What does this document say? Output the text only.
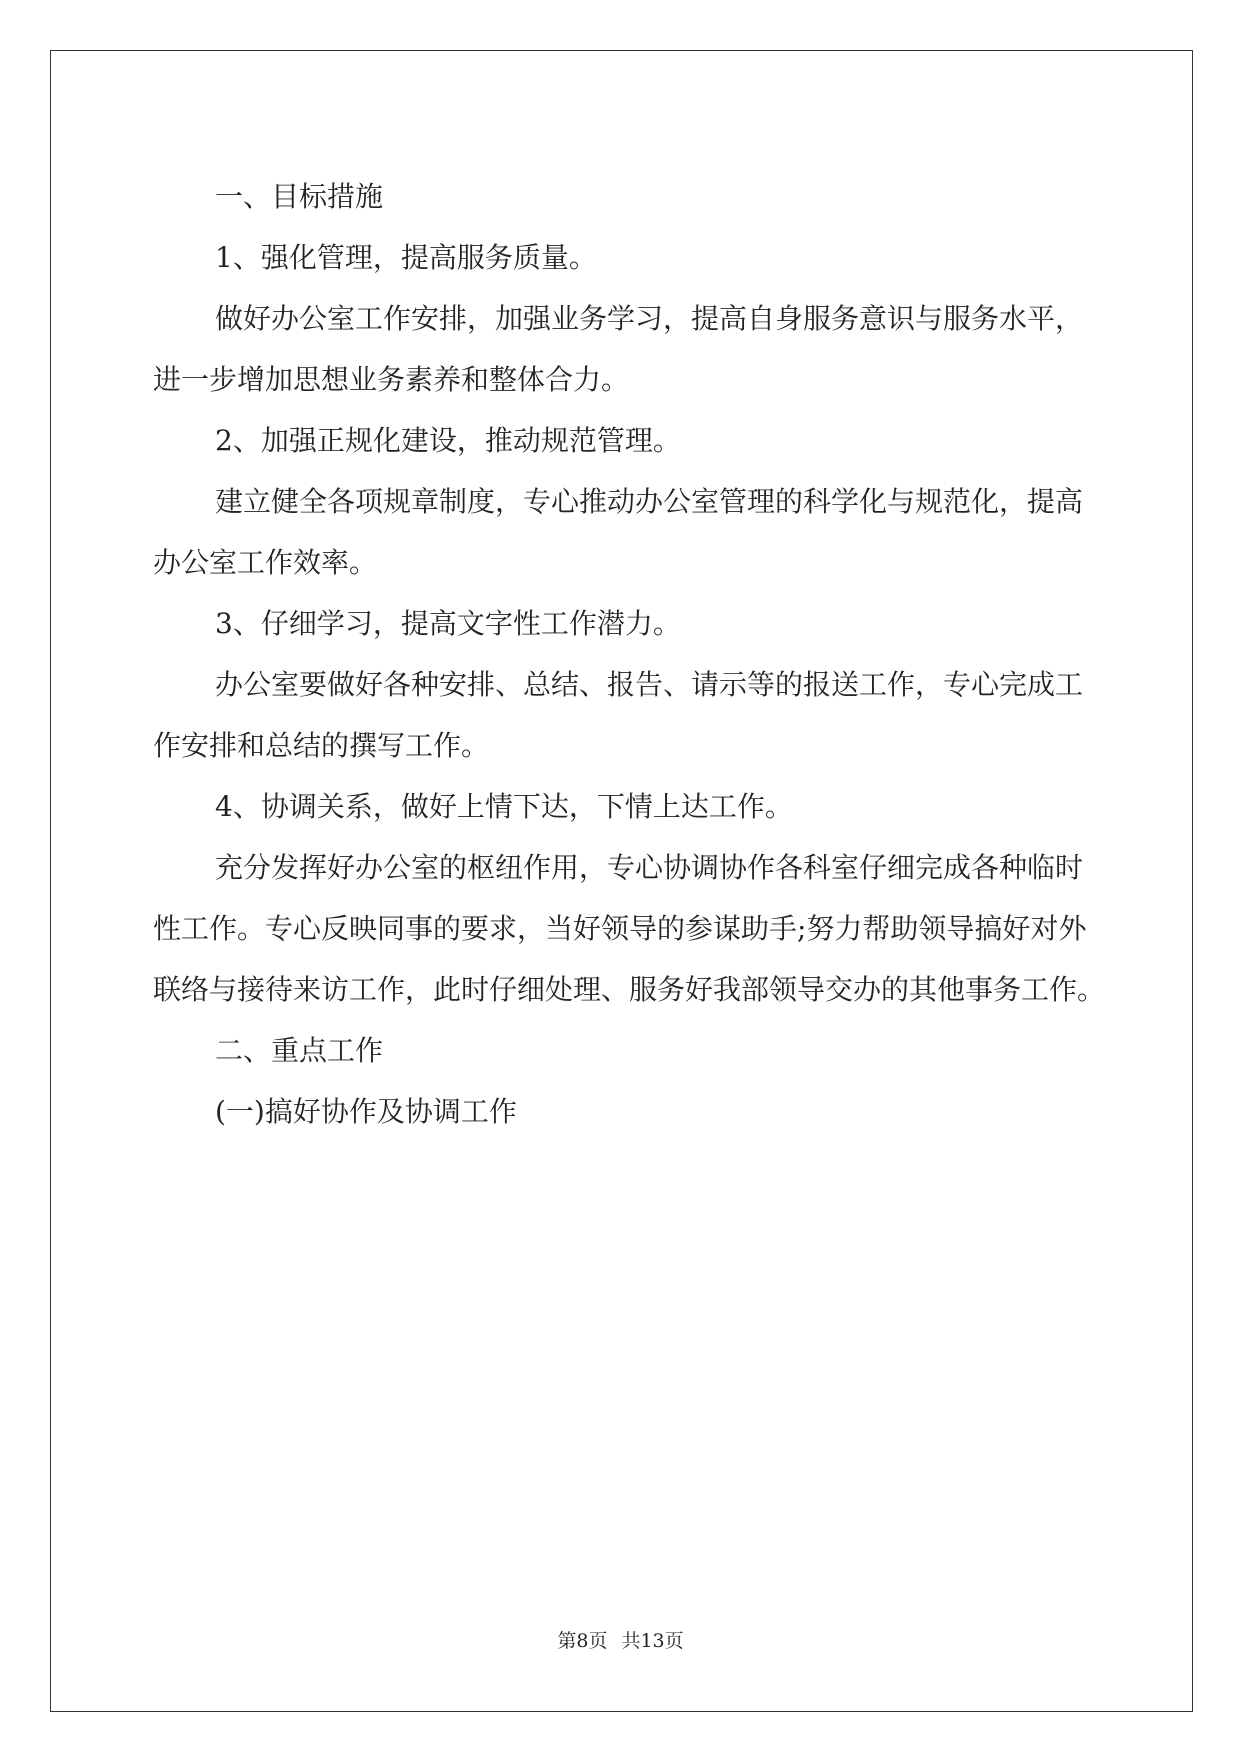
一、目标措施

1、强化管理，提高服务质量。

做好办公室工作安排，加强业务学习，提高自身服务意识与服务水平，进一步增加思想业务素养和整体合力。

2、加强正规化建设，推动规范管理。

建立健全各项规章制度，专心推动办公室管理的科学化与规范化，提高办公室工作效率。

3、仔细学习，提高文字性工作潜力。

办公室要做好各种安排、总结、报告、请示等的报送工作，专心完成工作安排和总结的撰写工作。

4、协调关系，做好上情下达，下情上达工作。

充分发挥好办公室的枢纽作用，专心协调协作各科室仔细完成各种临时性工作。专心反映同事的要求，当好领导的参谋助手;努力帮助领导搞好对外联络与接待来访工作，此时仔细处理、服务好我部领导交办的其他事务工作。

二、重点工作

(一)搞好协作及协调工作

第8页 共13页
